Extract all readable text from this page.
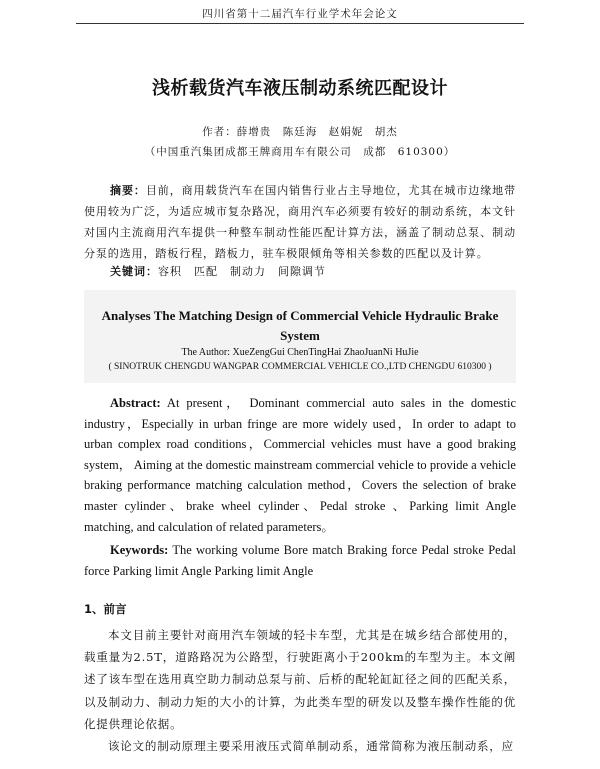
四川省第十二届汽车行业学术年会论文
浅析载货汽车液压制动系统匹配设计
作者：薛增贵　陈廷海　赵娟妮　胡杰
（中国重汽集团成都王牌商用车有限公司　成都　610300）
摘要：目前，商用载货汽车在国内销售行业占主导地位，尤其在城市边缘地带使用较为广泛，为适应城市复杂路况，商用汽车必须要有较好的制动系统，本文针对国内主流商用汽车提供一种整车制动性能匹配计算方法，涵盖了制动总泵、制动分泵的选用，踏板行程，踏板力，驻车极限倾角等相关参数的匹配以及计算。
关键词：容积　匹配　制动力　间隙调节
Analyses The Matching Design of Commercial Vehicle Hydraulic Brake System
The Author: XueZengGui ChenTingHai ZhaoJuanNi HuJie
( SINOTRUK CHENGDU WANGPAR COMMERCIAL VEHICLE CO.,LTD CHENGDU 610300 )
Abstract: At present， Dominant commercial auto sales in the domestic industry，Especially in urban fringe are more widely used，In order to adapt to urban complex road conditions，Commercial vehicles must have a good braking system， Aiming at the domestic mainstream commercial vehicle to provide a vehicle braking performance matching calculation method，Covers the selection of brake master cylinder、brake wheel cylinder、Pedal stroke 、Parking limit Angle matching, and calculation of related parameters。
Keywords: The working volume Bore match Braking force Pedal stroke Pedal force Parking limit Angle Parking limit Angle
1、前言

本文目前主要针对商用汽车领域的轻卡车型，尤其是在城乡结合部使用的，载重量为2.5T，道路路况为公路型，行驶距离小于200km的车型为主。本文阐述了该车型在选用真空助力制动总泵与前、后桥的配轮缸缸径之间的匹配关系，以及制动力、制动力矩的大小的计算，为此类车型的研发以及整车操作性能的优化提供理论依据。

该论文的制动原理主要采用液压式简单制动系，通常简称为液压制动系，应
